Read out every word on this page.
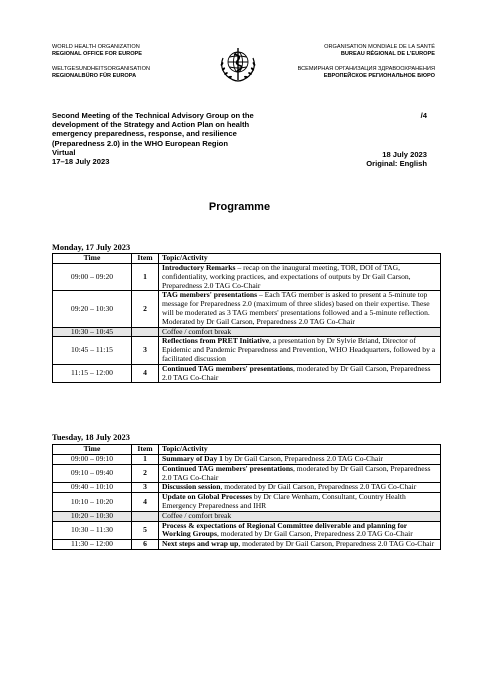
WORLD HEALTH ORGANIZATION
REGIONAL OFFICE FOR EUROPE
WELTGESUNDHEITSORGANISATION
REGIONALBÜRO FÜR EUROPA
ORGANISATION MONDIALE DE LA SANTÉ
BUREAU RÉGIONAL DE L'EUROPE
ВСЕМИРНАЯ ОРГАНИЗАЦИЯ ЗДРАВООХРАНЕНИЯ
ЕВРОПЕЙСКОЕ РЕГИОНАЛЬНОЕ БЮРО
Second Meeting of the Technical Advisory Group on the
development of the Strategy and Action Plan on health
emergency preparedness, response, and resilience
(Preparedness 2.0) in the WHO European Region
Virtual
17–18 July 2023
/4
18 July 2023
Original: English
Programme
Monday, 17 July 2023
Time	Item	Topic/Activity
09:00 – 09:20	1	Introductory Remarks – recap on the inaugural meeting, TOR, DOI of TAG, confidentiality, working practices, and expectations of outputs by Dr Gail Carson, Preparedness 2.0 TAG Co-Chair
09:20 – 10:30	2	TAG members' presentations – Each TAG member is asked to present a 5-minute top message for Preparedness 2.0 (maximum of three slides) based on their expertise. These will be moderated as 3 TAG members' presentations followed and a 5-minute reflection. Moderated by Dr Gail Carson, Preparedness 2.0 TAG Co-Chair
10:30 – 10:45		Coffee / comfort break
10:45 – 11:15	3	Reflections from PRET Initiative, a presentation by Dr Sylvie Briand, Director of Epidemic and Pandemic Preparedness and Prevention, WHO Headquarters, followed by a facilitated discussion
11:15 – 12:00	4	Continued TAG members' presentations, moderated by Dr Gail Carson, Preparedness 2.0 TAG Co-Chair
Tuesday, 18 July 2023
Time	Item	Topic/Activity
09:00 – 09:10	1	Summary of Day 1 by Dr Gail Carson, Preparedness 2.0 TAG Co-Chair
09:10 – 09:40	2	Continued TAG members' presentations, moderated by Dr Gail Carson, Preparedness 2.0 TAG Co-Chair
09:40 – 10:10	3	Discussion session, moderated by Dr Gail Carson, Preparedness 2.0 TAG Co-Chair
10:10 – 10:20	4	Update on Global Processes by Dr Clare Wenham, Consultant, Country Health Emergency Preparedness and IHR
10:20 – 10:30		Coffee / comfort break
10:30 – 11:30	5	Process & expectations of Regional Committee deliverable and planning for Working Groups, moderated by Dr Gail Carson, Preparedness 2.0 TAG Co-Chair
11:30 – 12:00	6	Next steps and wrap up, moderated by Dr Gail Carson, Preparedness 2.0 TAG Co-Chair
